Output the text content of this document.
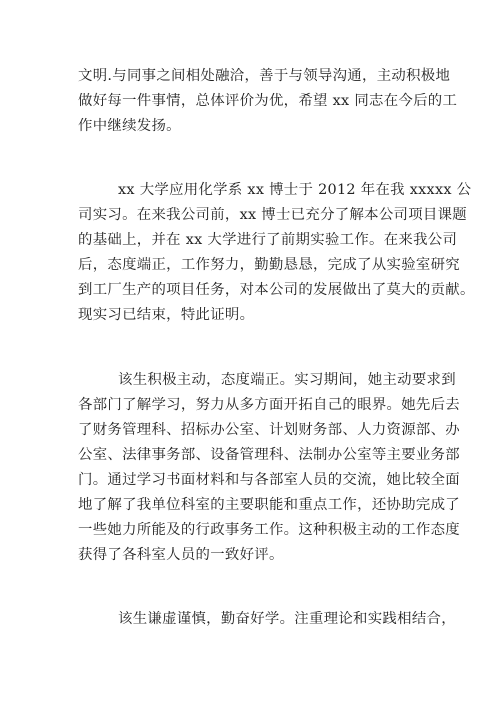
文明.与同事之间相处融洽，善于与领导沟通，主动积极地
做好每一件事情，总体评价为优，希望 xx 同志在今后的工
作中继续发扬。
xx 大学应用化学系 xx 博士于 2012 年在我 xxxxx 公
司实习。在来我公司前，xx 博士已充分了解本公司项目课题
的基础上，并在 xx 大学进行了前期实验工作。在来我公司
后，态度端正，工作努力，勤勤恳恳，完成了从实验室研究
到工厂生产的项目任务，对本公司的发展做出了莫大的贡献。
现实习已结束，特此证明。
该生积极主动，态度端正。实习期间，她主动要求到
各部门了解学习，努力从多方面开拓自己的眼界。她先后去
了财务管理科、招标办公室、计划财务部、人力资源部、办
公室、法律事务部、设备管理科、法制办公室等主要业务部
门。通过学习书面材料和与各部室人员的交流，她比较全面
地了解了我单位科室的主要职能和重点工作，还协助完成了
一些她力所能及的行政事务工作。这种积极主动的工作态度
获得了各科室人员的一致好评。
该生谦虚谨慎，勤奋好学。注重理论和实践相结合，
